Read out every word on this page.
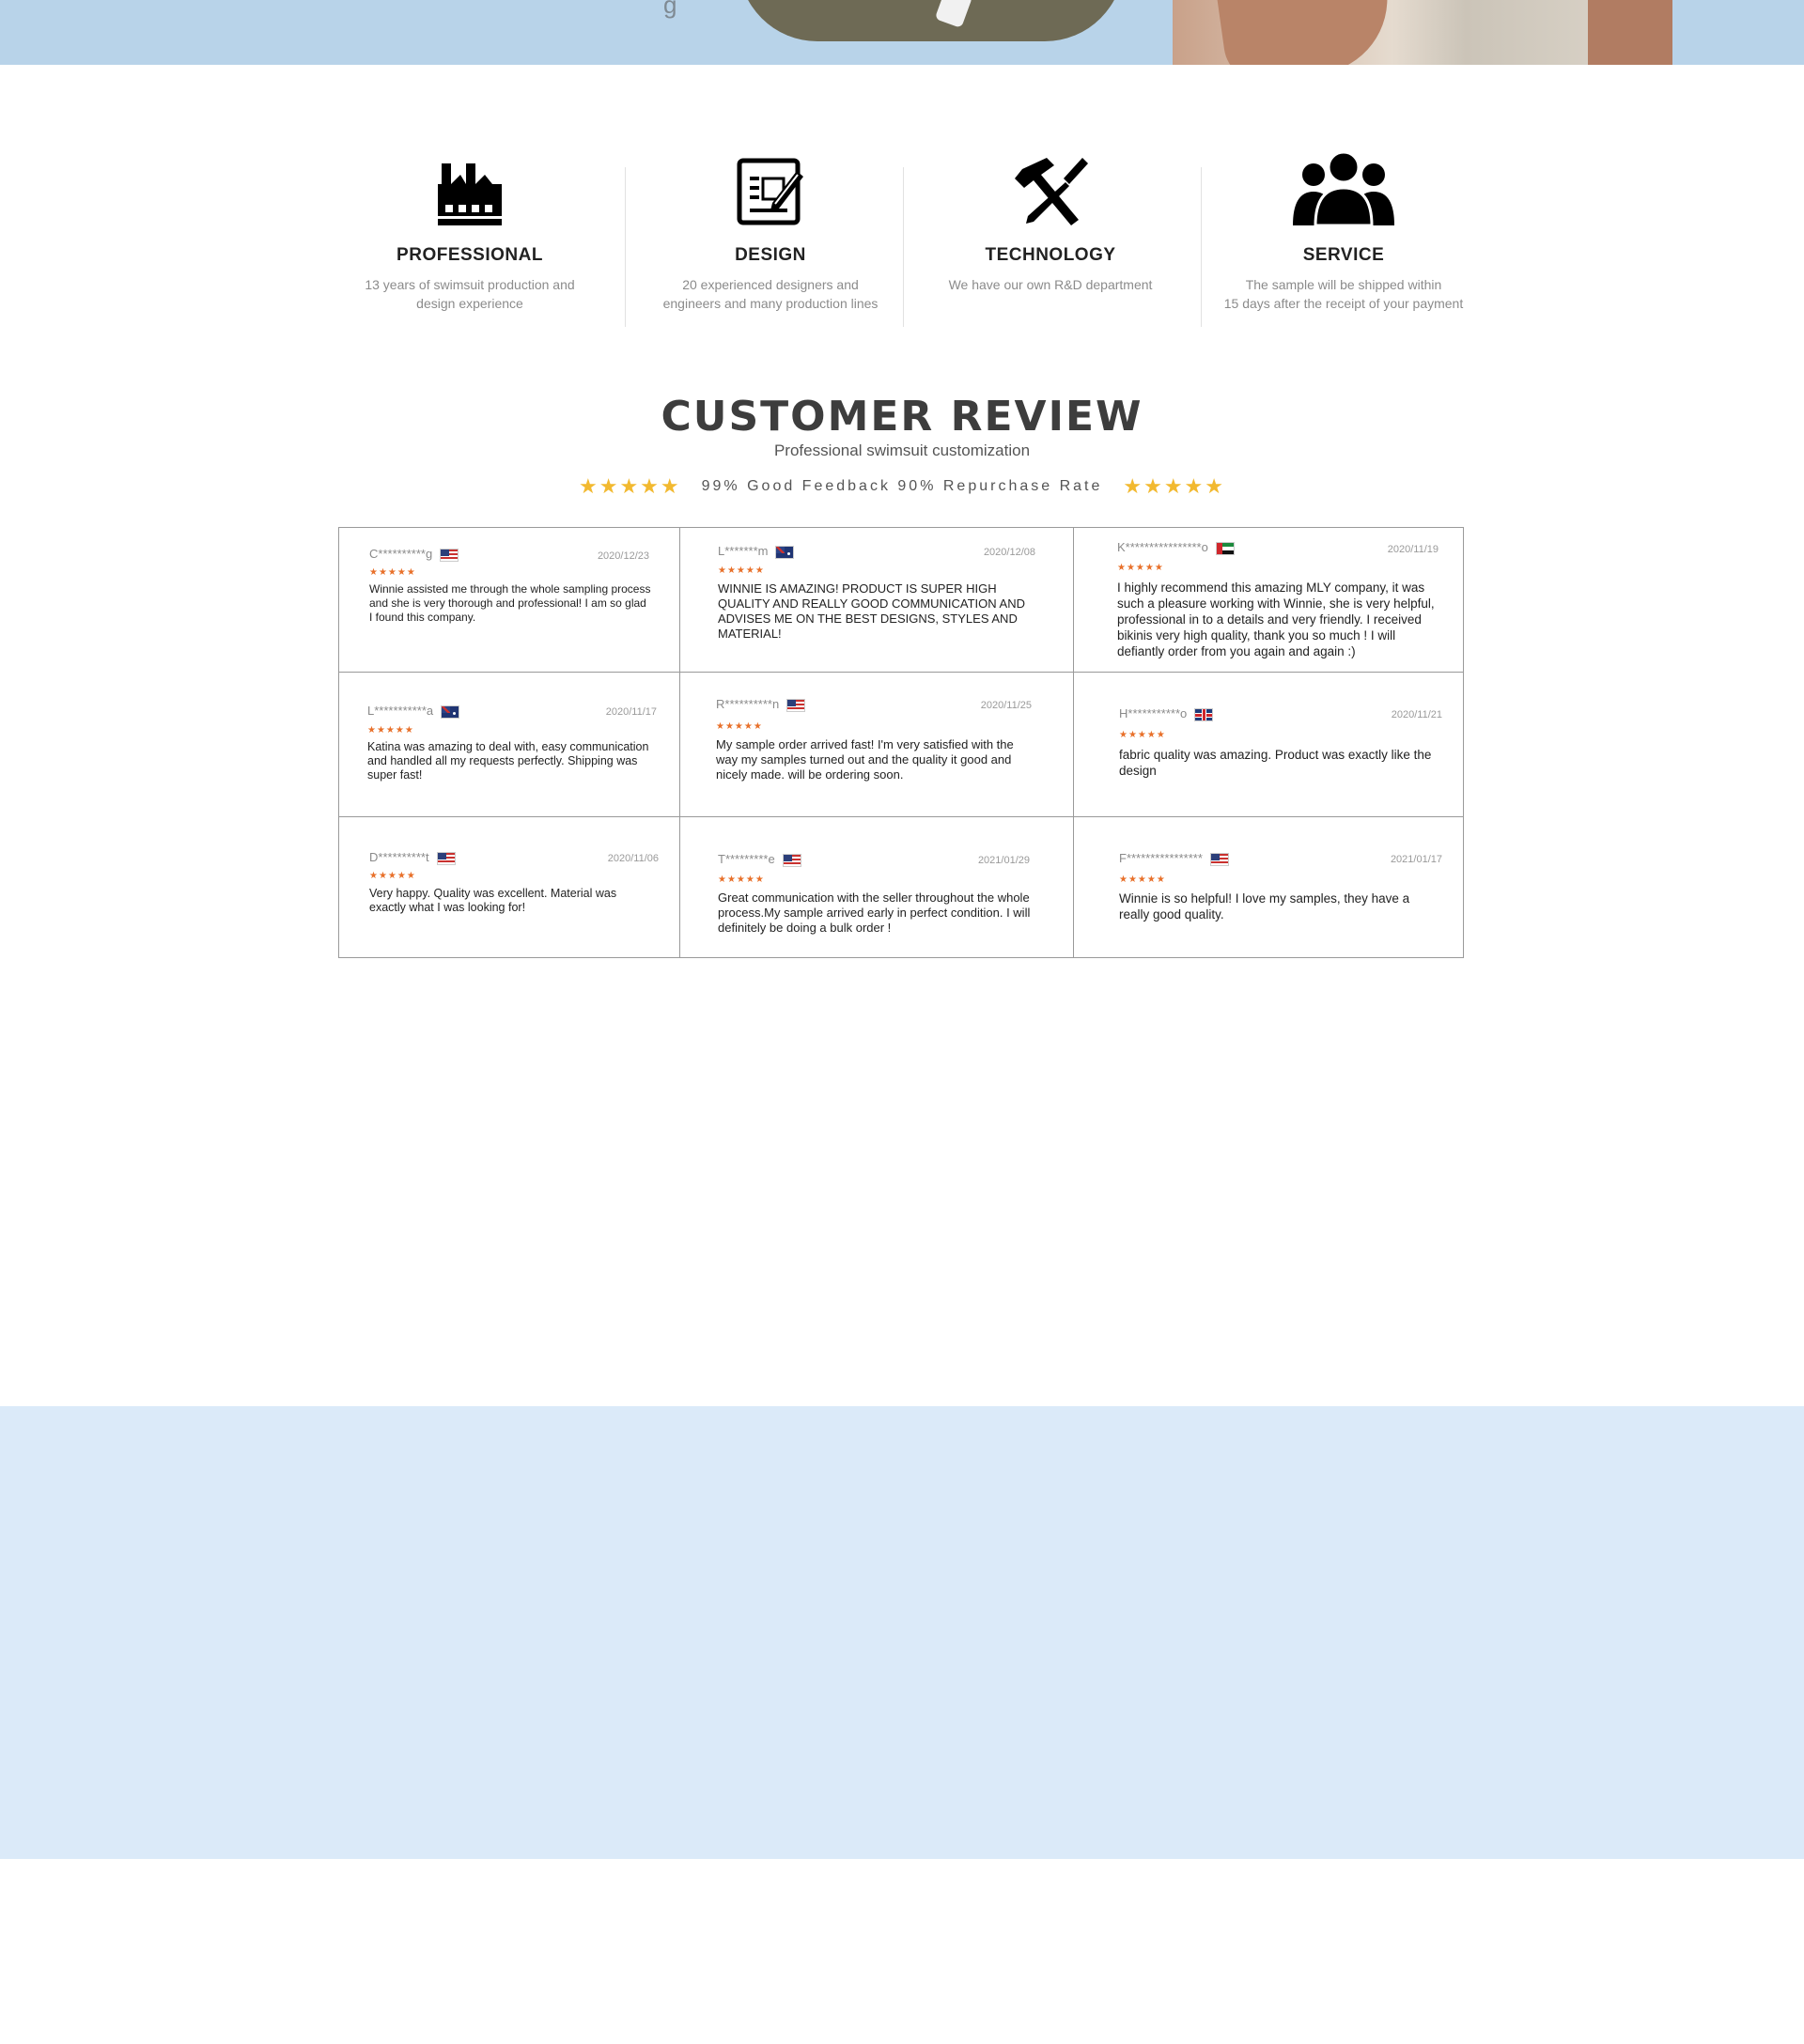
g
PROFESSIONAL
13 years of swimsuit production and
design experience
DESIGN
20 experienced designers and
engineers and many production lines
TECHNOLOGY
We have our own R&D department
SERVICE
The sample will be shipped within
15 days after the receipt of your payment
CUSTOMER REVIEW
Professional swimsuit customization
★★★★★ 99% Good Feedback 90% Repurchase Rate ★★★★★
C**********g	2020/12/23
★★★★★
Winnie assisted me through the whole sampling process and she is very thorough and professional! I am so glad I found this company.
L*******m	2020/12/08
★★★★★
WINNIE IS AMAZING! PRODUCT IS SUPER HIGH QUALITY AND REALLY GOOD COMMUNICATION AND ADVISES ME ON THE BEST DESIGNS, STYLES AND MATERIAL!
K****************o	2020/11/19
★★★★★
I highly recommend this amazing MLY company, it was such a pleasure working with Winnie, she is very helpful, professional in to a details and very friendly. I received bikinis very high quality, thank you so much ! I will defiantly order from you again and again :)
L***********a	2020/11/17
★★★★★
Katina was amazing to deal with, easy communication and handled all my requests perfectly. Shipping was super fast!
R**********n	2020/11/25
★★★★★
My sample order arrived fast! I'm very satisfied with the way my samples turned out and the quality it good and nicely made. will be ordering soon.
H***********o	2020/11/21
★★★★★
fabric quality was amazing. Product was exactly like the design
D**********t	2020/11/06
★★★★★
Very happy. Quality was excellent. Material was exactly what I was looking for!
T*********e	2021/01/29
★★★★★
Great communication with the seller throughout the whole process.My sample arrived early in perfect condition. I will definitely be doing a bulk order !
F****************	2021/01/17
★★★★★
Winnie is so helpful! I love my samples, they have a really good quality.
